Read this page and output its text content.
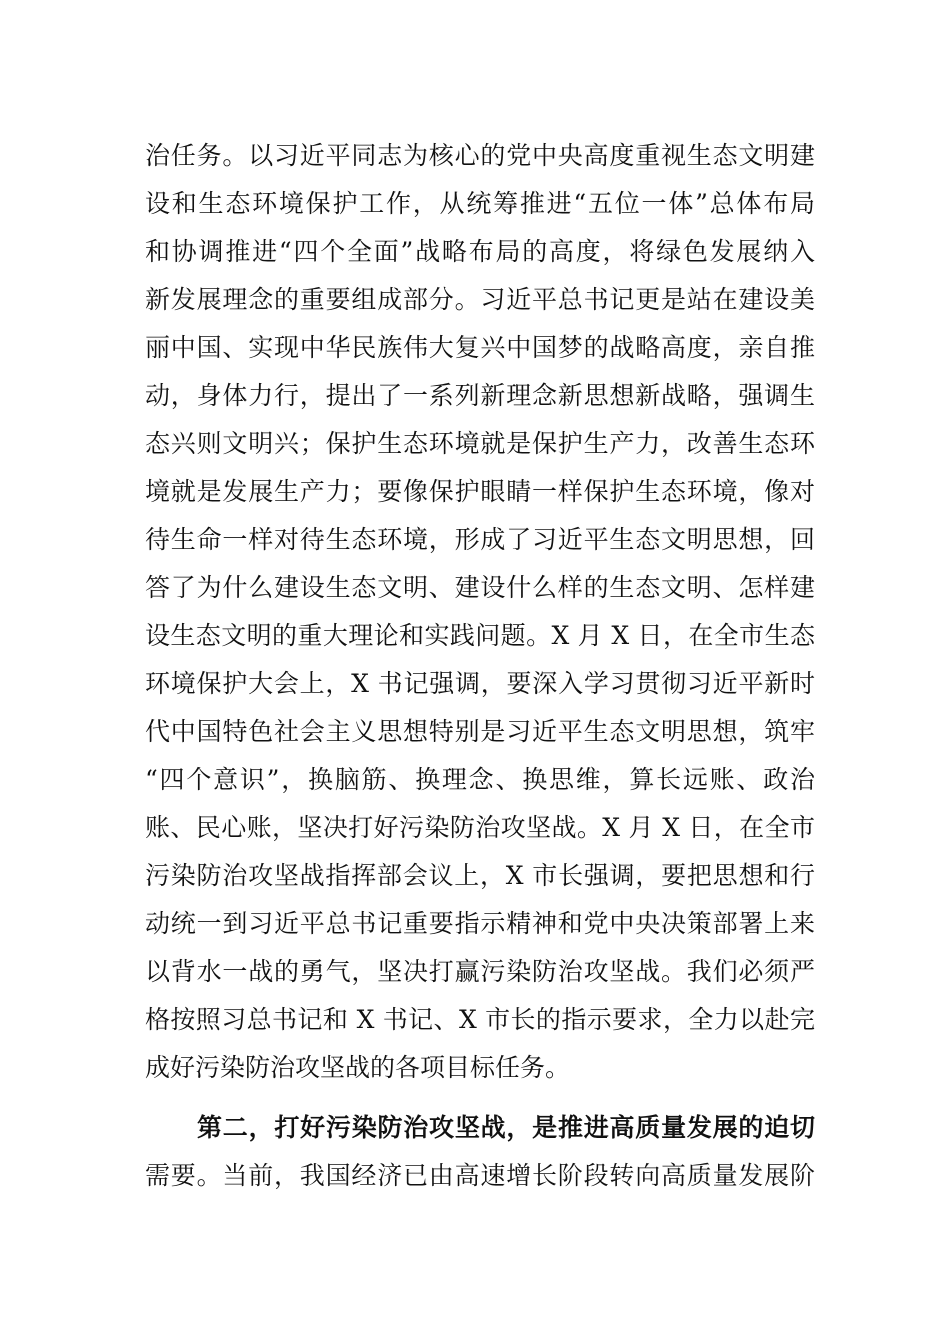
治任务。以习近平同志为核心的党中央高度重视生态文明建
设和生态环境保护工作，从统筹推进“五位一体”总体布局
和协调推进“四个全面”战略布局的高度，将绿色发展纳入
新发展理念的重要组成部分。习近平总书记更是站在建设美
丽中国、实现中华民族伟大复兴中国梦的战略高度，亲自推
动，身体力行，提出了一系列新理念新思想新战略，强调生
态兴则文明兴；保护生态环境就是保护生产力，改善生态环
境就是发展生产力；要像保护眼睛一样保护生态环境，像对
待生命一样对待生态环境，形成了习近平生态文明思想，回
答了为什么建设生态文明、建设什么样的生态文明、怎样建
设生态文明的重大理论和实践问题。X 月 X 日，在全市生态
环境保护大会上，X 书记强调，要深入学习贯彻习近平新时
代中国特色社会主义思想特别是习近平生态文明思想，筑牢
“四个意识”，换脑筋、换理念、换思维，算长远账、政治
账、民心账，坚决打好污染防治攻坚战。X 月 X 日，在全市
污染防治攻坚战指挥部会议上，X 市长强调，要把思想和行
动统一到习近平总书记重要指示精神和党中央决策部署上来
以背水一战的勇气，坚决打赢污染防治攻坚战。我们必须严
格按照习总书记和 X 书记、X 市长的指示要求，全力以赴完
成好污染防治攻坚战的各项目标任务。
第二，打好污染防治攻坚战，是推进高质量发展的迫切
需要。当前，我国经济已由高速增长阶段转向高质量发展阶
